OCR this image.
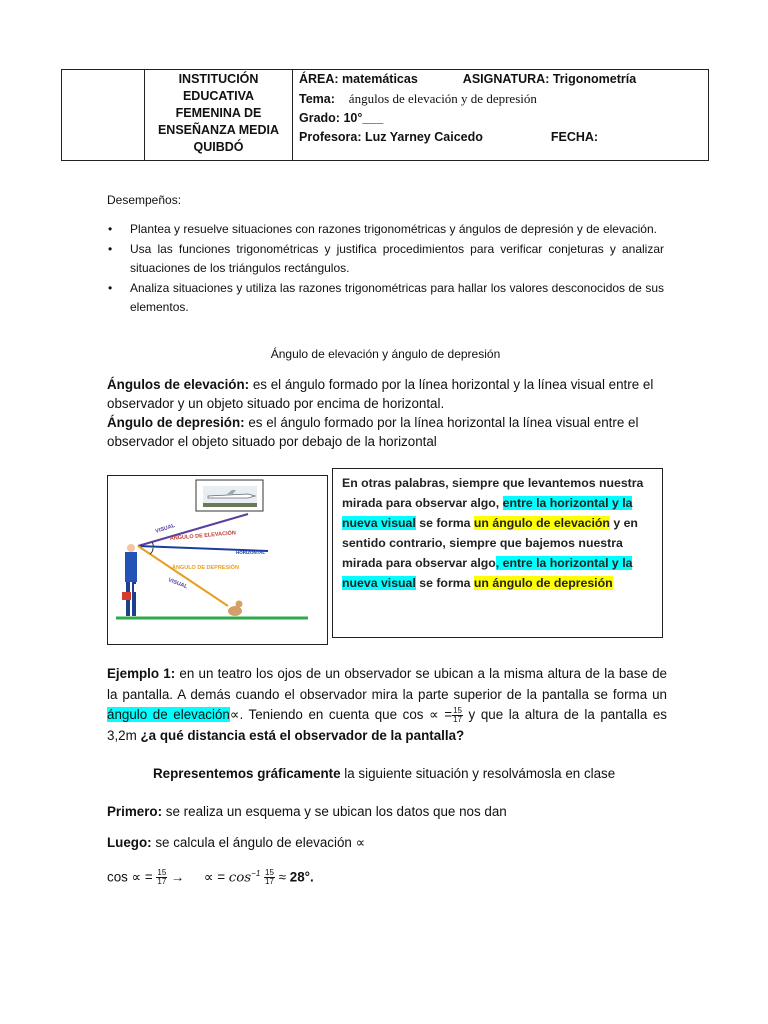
INSTITUCIÓN
EDUCATIVA
FEMENINA DE
ENSEÑANZA MEDIA
QUIBDÓ

ÁREA: matemáticas	ASIGNATURA: Trigonometría
Tema: ángulos de elevación y de depresión
Grado: 10°___
Profesora: Luz Yarney Caicedo	FECHA:
Desempeños:
• Plantea y resuelve situaciones con razones trigonométricas y ángulos de depresión y de elevación.
• Usa las funciones trigonométricas y justifica procedimientos para verificar conjeturas y analizar situaciones de los triángulos rectángulos.
• Analiza situaciones y utiliza las razones trigonométricas para hallar los valores desconocidos de sus elementos.
Ángulo de elevación y ángulo de depresión
Ángulos de elevación: es el ángulo formado por la línea horizontal y la línea visual entre el observador y un objeto situado por encima de horizontal.
Ángulo de depresión: es el ángulo formado por la línea horizontal la línea visual entre el observador el objeto situado por debajo de la horizontal
VISUAL
ÁNGULO DE ELEVACIÓN
HORIZONTAL
ÁNGULO DE DEPRESIÓN
VISUAL
En otras palabras, siempre que levantemos nuestra mirada para observar algo, entre la horizontal y la nueva visual se forma un ángulo de elevación y en sentido contrario, siempre que bajemos nuestra mirada para observar algo, entre la horizontal y la nueva visual se forma un ángulo de depresión
Ejemplo 1: en un teatro los ojos de un observador se ubican a la misma altura de la base de la pantalla. A demás cuando el observador mira la parte superior de la pantalla se forma un ángulo de elevación∝. Teniendo en cuenta que cos ∝ = $\frac{15}{17}$ y que la altura de la pantalla es 3,2m ¿a qué distancia está el observador de la pantalla?
Representemos gráficamente la siguiente situación y resolvámosla en clase
Primero: se realiza un esquema y se ubican los datos que nos dan
Luego: se calcula el ángulo de elevación ∝
cos ∝ = $\frac{15}{17}$ → ∝ = $\cos^{-1} \frac{15}{17} \approx 28^\circ$.
